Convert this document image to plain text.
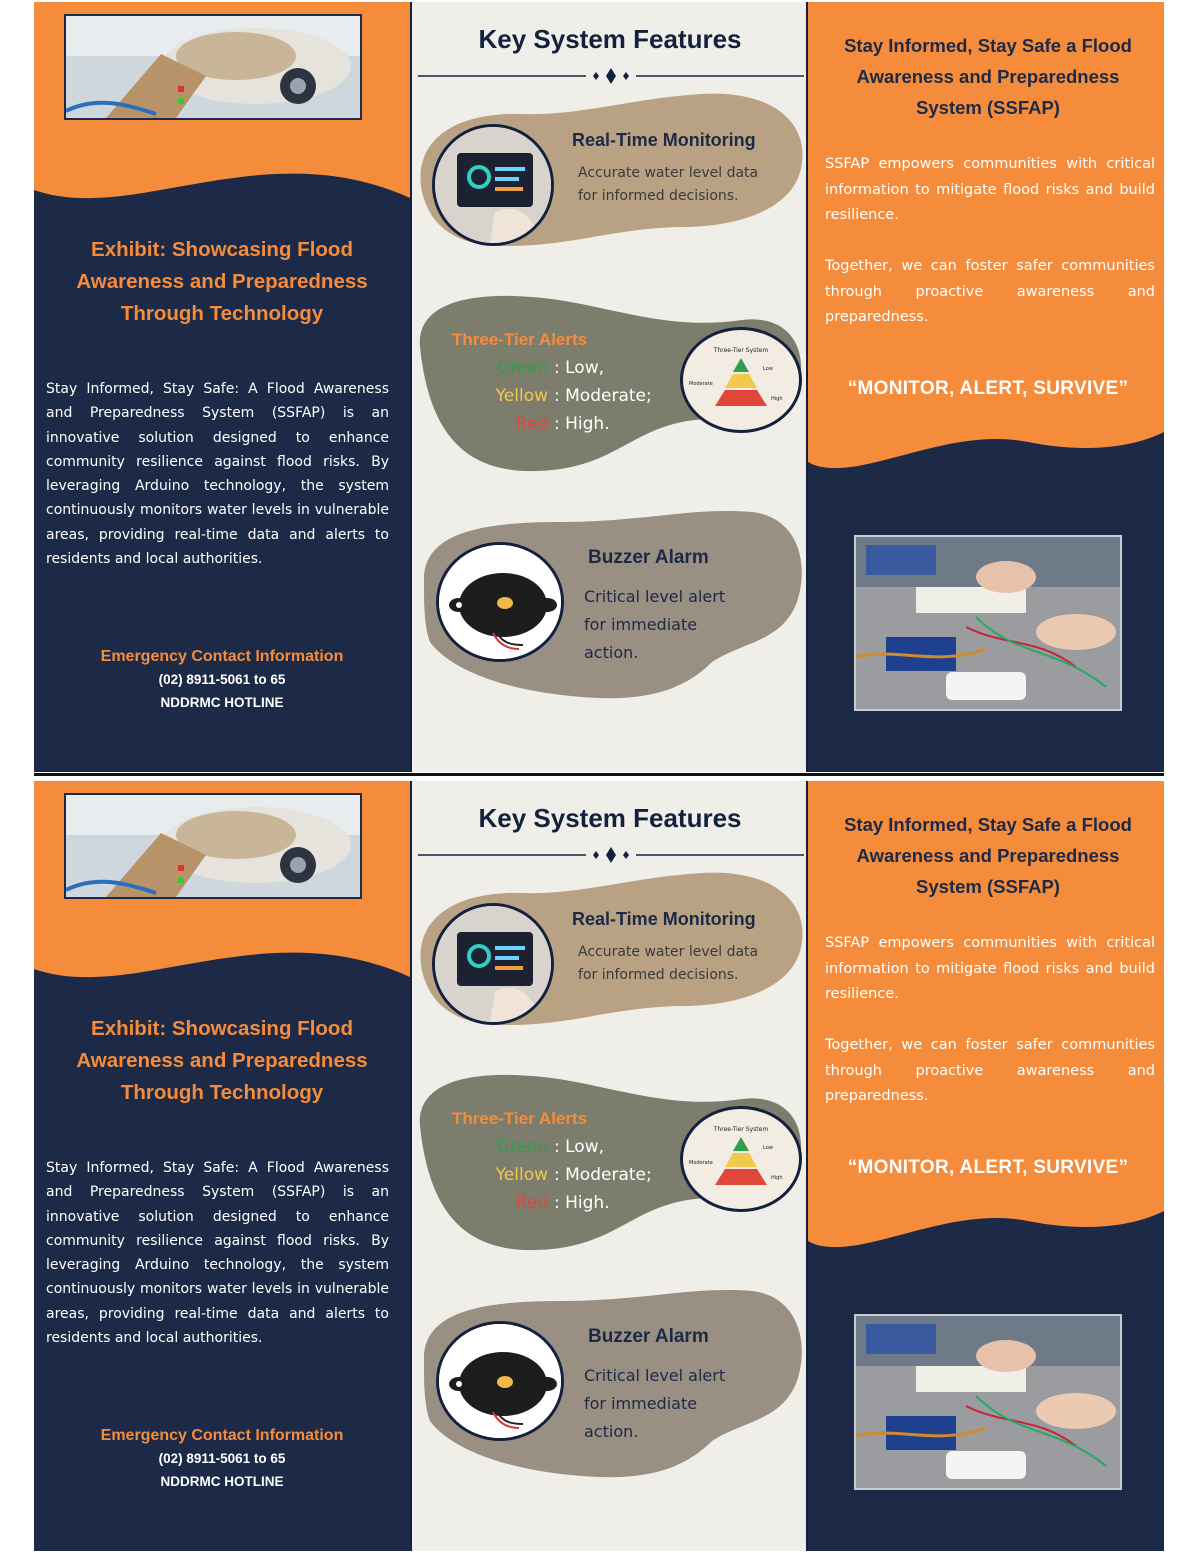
Exhibit: Showcasing Flood
Awareness and Preparedness
Through Technology
Stay Informed, Stay Safe: A Flood Awareness and Preparedness System (SSFAP) is an innovative solution designed to enhance community resilience against flood risks. By leveraging Arduino technology, the system continuously monitors water levels in vulnerable areas, providing real-time data and alerts to residents and local authorities.
Emergency Contact Information
(02) 8911-5061 to 65
NDDRMC HOTLINE
Key System Features
Real-Time Monitoring
Accurate water level data
for informed decisions.
Three-Tier Alerts
Green : Low,
Yellow : Moderate;
Red : High.
Three-Tier System
Low
Moderate
High
Buzzer Alarm
Critical level alert
for immediate
action.
Stay Informed, Stay Safe a Flood
Awareness and Preparedness
System (SSFAP)
SSFAP empowers communities with critical information to mitigate flood risks and build resilience.
Together, we can foster safer communities through proactive awareness and preparedness.
“MONITOR, ALERT, SURVIVE”
Exhibit: Showcasing Flood
Awareness and Preparedness
Through Technology
Stay Informed, Stay Safe: A Flood Awareness and Preparedness System (SSFAP) is an innovative solution designed to enhance community resilience against flood risks. By leveraging Arduino technology, the system continuously monitors water levels in vulnerable areas, providing real-time data and alerts to residents and local authorities.
Emergency Contact Information
(02) 8911-5061 to 65
NDDRMC HOTLINE
Key System Features
Real-Time Monitoring
Accurate water level data
for informed decisions.
Three-Tier Alerts
Green : Low,
Yellow : Moderate;
Red : High.
Three-Tier System
Low
Moderate
High
Buzzer Alarm
Critical level alert
for immediate
action.
Stay Informed, Stay Safe a Flood
Awareness and Preparedness
System (SSFAP)
SSFAP empowers communities with critical information to mitigate flood risks and build resilience.
Together, we can foster safer communities through proactive awareness and preparedness.
“MONITOR, ALERT, SURVIVE”
